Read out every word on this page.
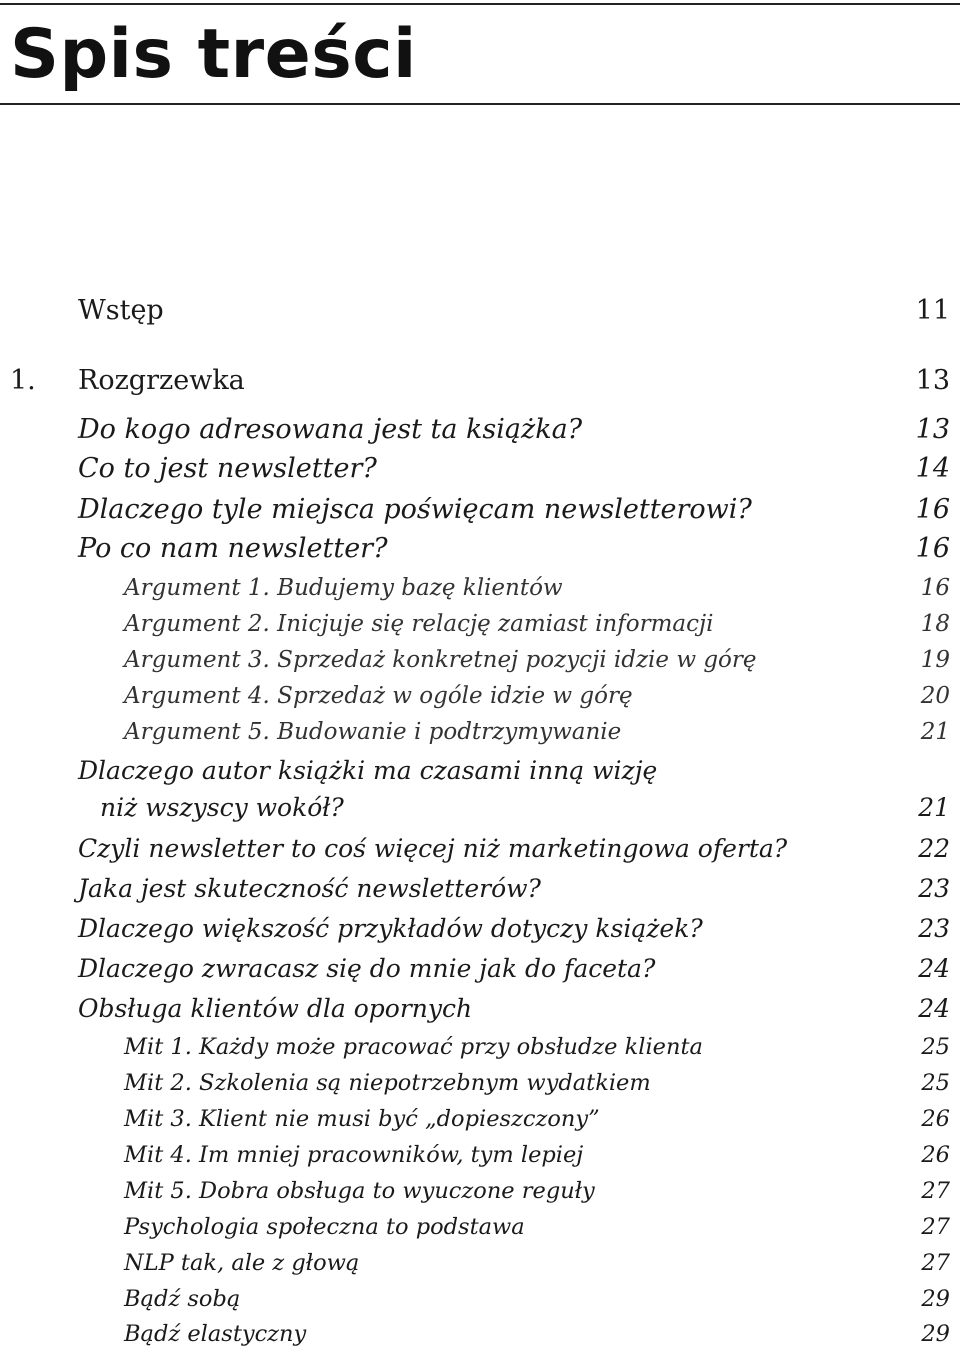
Spis treści
Wstęp	11
1. Rozgrzewka	13
Do kogo adresowana jest ta książka?	13
Co to jest newsletter?	14
Dlaczego tyle miejsca poświęcam newsletterowi?	16
Po co nam newsletter?	16
Argument 1. Budujemy bazę klientów	16
Argument 2. Inicjuje się relację zamiast informacji	18
Argument 3. Sprzedaż konkretnej pozycji idzie w górę	19
Argument 4. Sprzedaż w ogóle idzie w górę	20
Argument 5. Budowanie i podtrzymywanie	21
Dlaczego autor książki ma czasami inną wizję
niż wszyscy wokół?	21
Czyli newsletter to coś więcej niż marketingowa oferta?	22
Jaka jest skuteczność newsletterów?	23
Dlaczego większość przykładów dotyczy książek?	23
Dlaczego zwracasz się do mnie jak do faceta?	24
Obsługa klientów dla opornych	24
Mit 1. Każdy może pracować przy obsłudze klienta	25
Mit 2. Szkolenia są niepotrzebnym wydatkiem	25
Mit 3. Klient nie musi być „dopieszczony”	26
Mit 4. Im mniej pracowników, tym lepiej	26
Mit 5. Dobra obsługa to wyuczone reguły	27
Psychologia społeczna to podstawa	27
NLP tak, ale z głową	27
Bądź sobą	29
Bądź elastyczny	29
